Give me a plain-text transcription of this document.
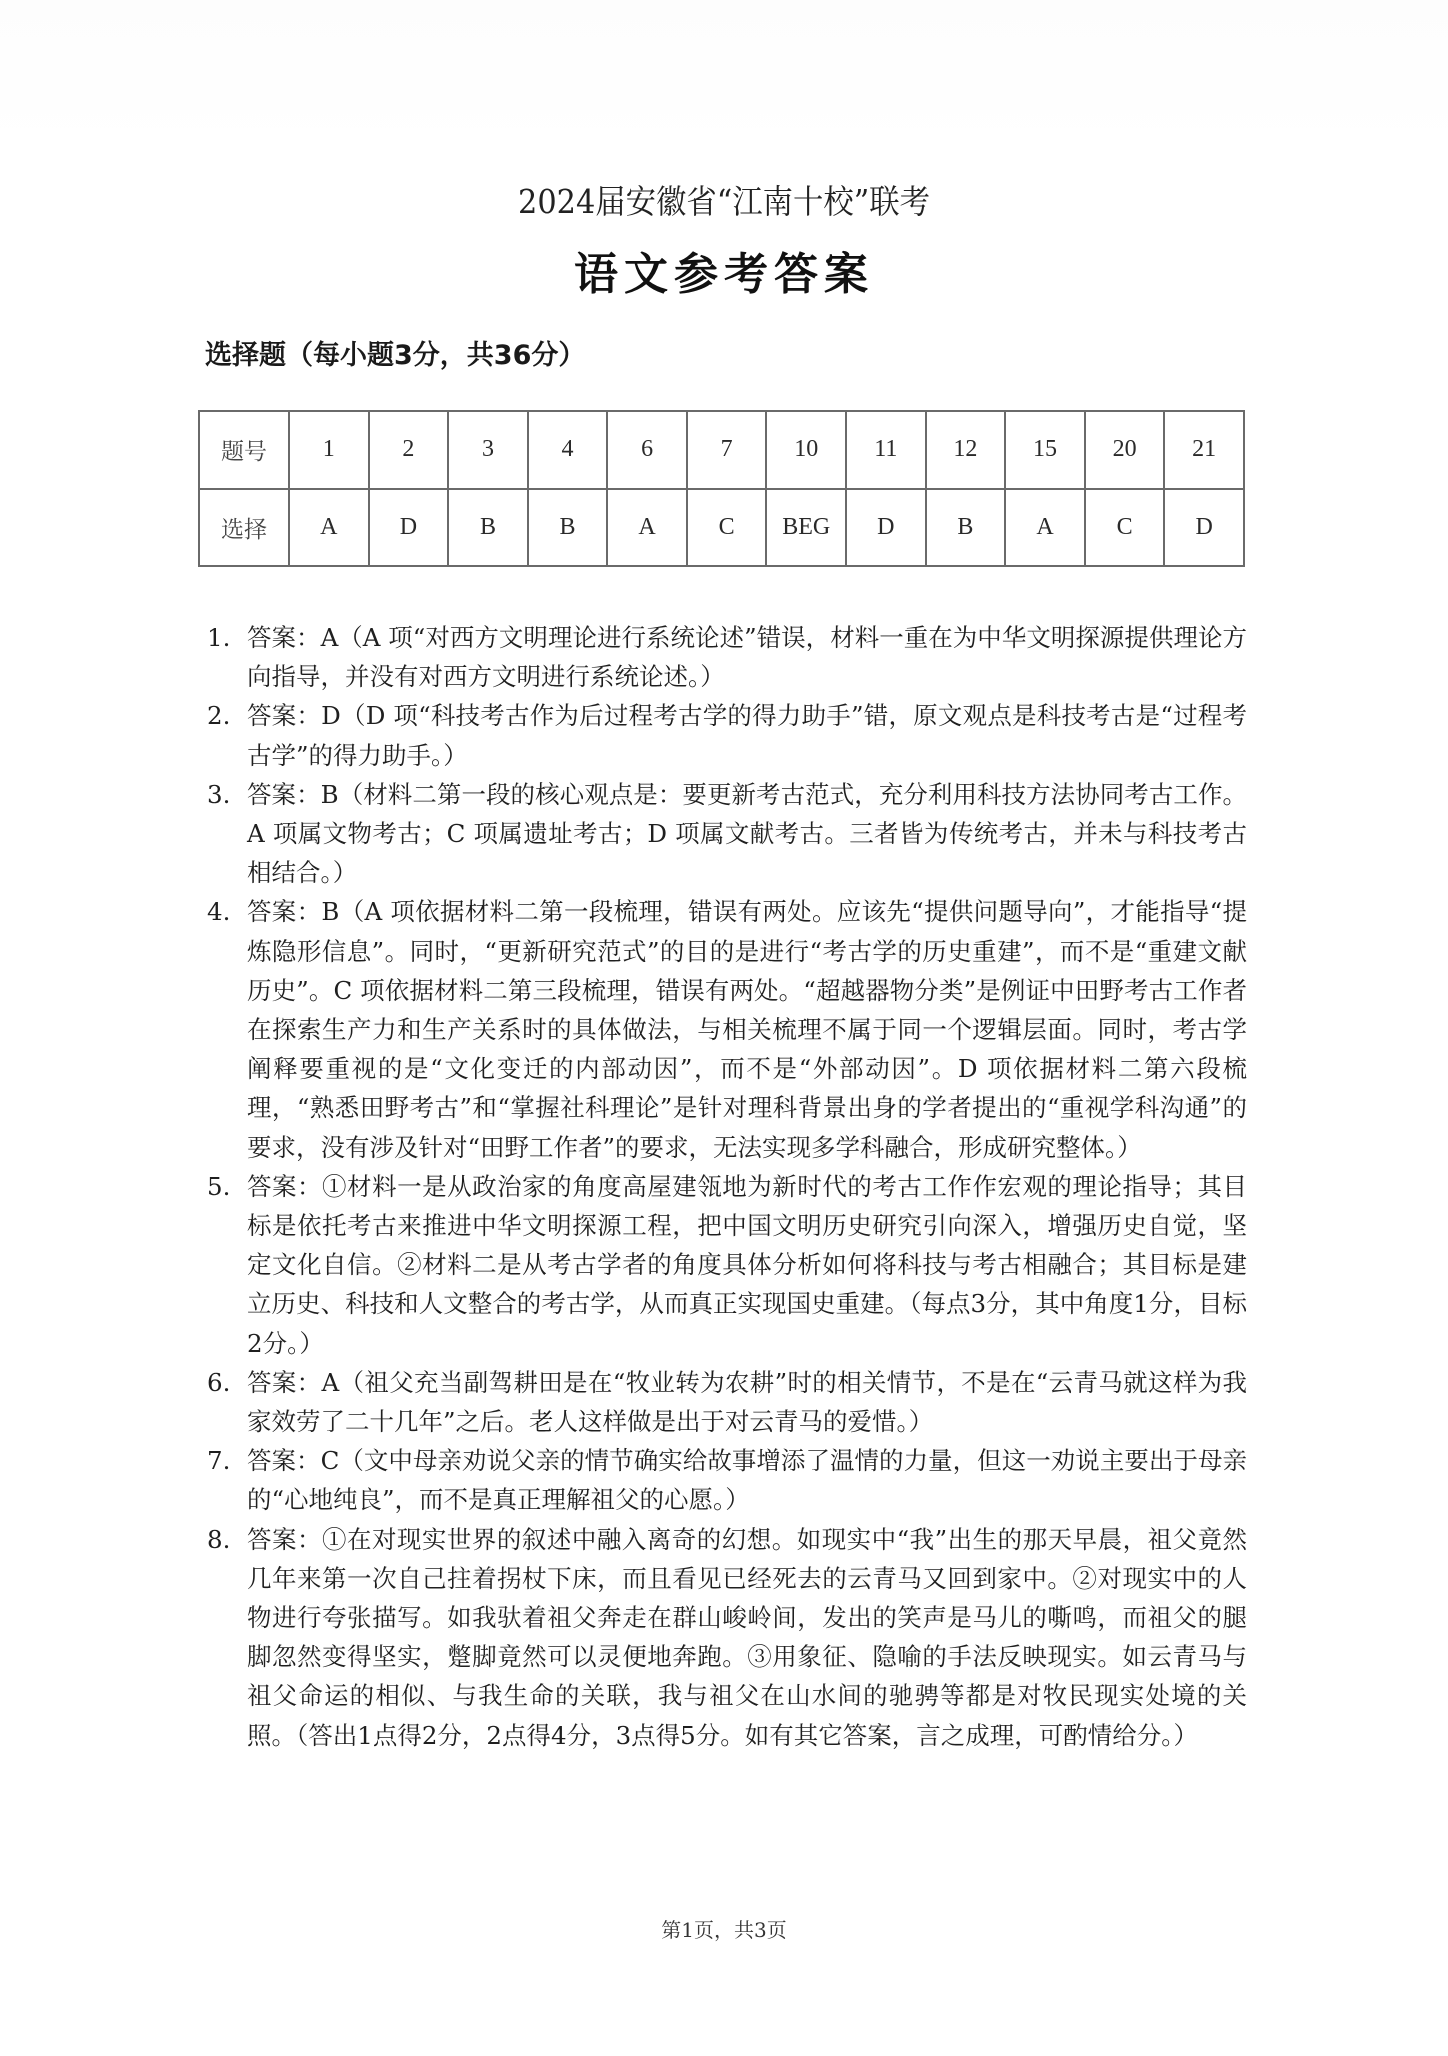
2024届安徽省“江南十校”联考
语文参考答案
选择题（每小题3分，共36分）
题号	1	2	3	4	6	7	10	11	12	15	20	21
选择	A	D	B	B	A	C	BEG	D	B	A	C	D
1. 答案：A（A 项“对西方文明理论进行系统论述”错误，材料一重在为中华文明探源提供理论方向指导，并没有对西方文明进行系统论述。）
2. 答案：D（D 项“科技考古作为后过程考古学的得力助手”错，原文观点是科技考古是“过程考古学”的得力助手。）
3. 答案：B（材料二第一段的核心观点是：要更新考古范式，充分利用科技方法协同考古工作。A 项属文物考古；C 项属遗址考古；D 项属文献考古。三者皆为传统考古，并未与科技考古相结合。）
4. 答案：B（A 项依据材料二第一段梳理，错误有两处。应该先“提供问题导向”，才能指导“提炼隐形信息”。同时，“更新研究范式”的目的是进行“考古学的历史重建”，而不是“重建文献历史”。C 项依据材料二第三段梳理，错误有两处。“超越器物分类”是例证中田野考古工作者在探索生产力和生产关系时的具体做法，与相关梳理不属于同一个逻辑层面。同时，考古学阐释要重视的是“文化变迁的内部动因”，而不是“外部动因”。D 项依据材料二第六段梳理，“熟悉田野考古”和“掌握社科理论”是针对理科背景出身的学者提出的“重视学科沟通”的要求，没有涉及针对“田野工作者”的要求，无法实现多学科融合，形成研究整体。）
5. 答案：①材料一是从政治家的角度高屋建瓴地为新时代的考古工作作宏观的理论指导；其目标是依托考古来推进中华文明探源工程，把中国文明历史研究引向深入，增强历史自觉，坚定文化自信。②材料二是从考古学者的角度具体分析如何将科技与考古相融合；其目标是建立历史、科技和人文整合的考古学，从而真正实现国史重建。（每点3分，其中角度1分，目标2分。）
6. 答案：A（祖父充当副驾耕田是在“牧业转为农耕”时的相关情节，不是在“云青马就这样为我家效劳了二十几年”之后。老人这样做是出于对云青马的爱惜。）
7. 答案：C（文中母亲劝说父亲的情节确实给故事增添了温情的力量，但这一劝说主要出于母亲的“心地纯良”，而不是真正理解祖父的心愿。）
8. 答案：①在对现实世界的叙述中融入离奇的幻想。如现实中“我”出生的那天早晨，祖父竟然几年来第一次自己拄着拐杖下床，而且看见已经死去的云青马又回到家中。②对现实中的人物进行夸张描写。如我驮着祖父奔走在群山峻岭间，发出的笑声是马儿的嘶鸣，而祖父的腿脚忽然变得坚实，蹩脚竟然可以灵便地奔跑。③用象征、隐喻的手法反映现实。如云青马与祖父命运的相似、与我生命的关联，我与祖父在山水间的驰骋等都是对牧民现实处境的关照。（答出1点得2分，2点得4分，3点得5分。如有其它答案，言之成理，可酌情给分。）
第1页，共3页
